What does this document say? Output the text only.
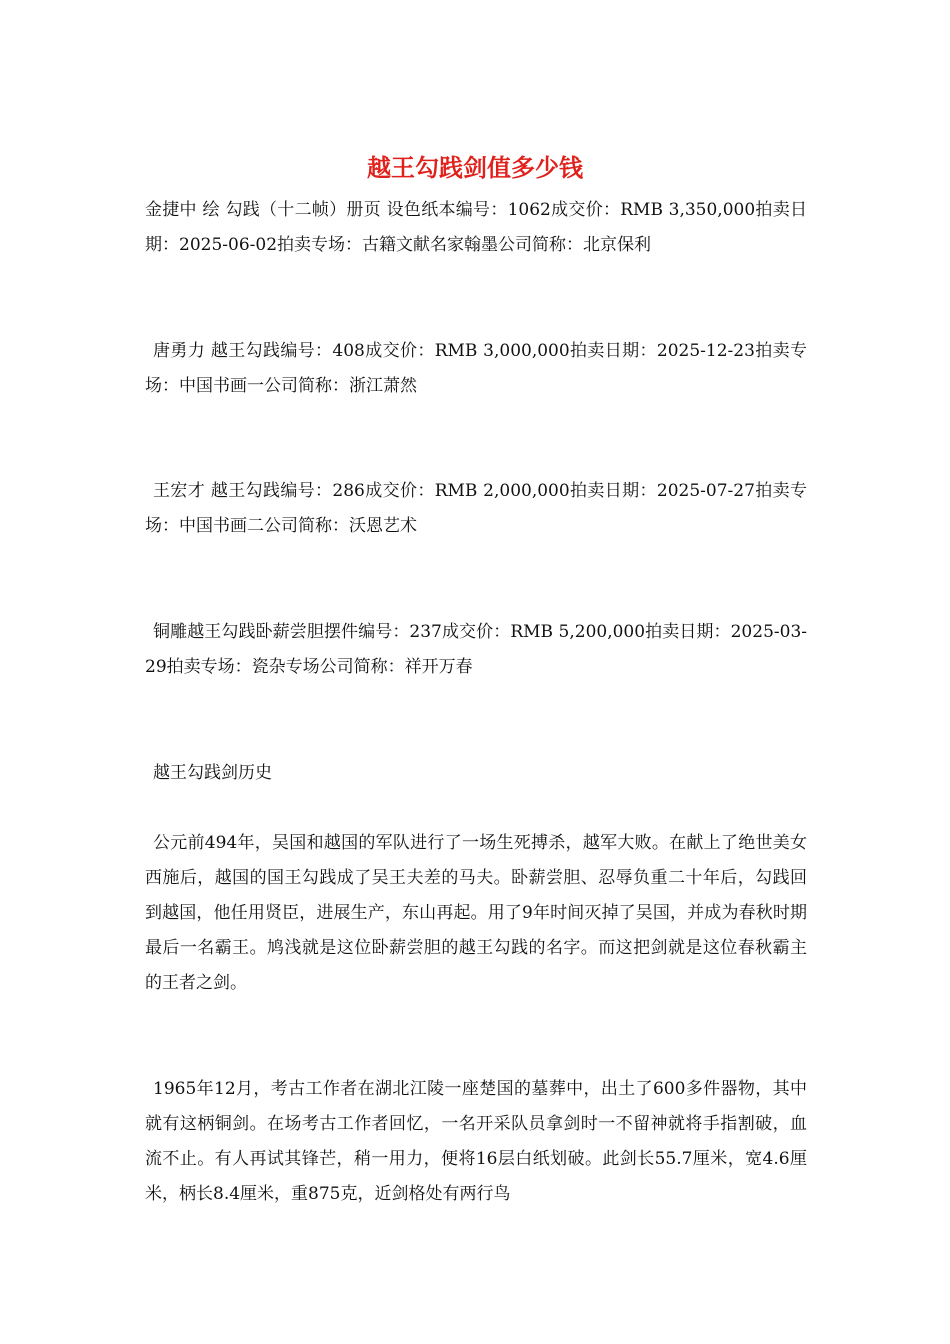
越王勾践剑值多少钱

金捷中 绘 勾践（十二帧）册页 设色纸本编号：1062成交价：RMB 3,350,000拍卖日期：2025-06-02拍卖专场：古籍文献名家翰墨公司简称：北京保利

唐勇力 越王勾践编号：408成交价：RMB 3,000,000拍卖日期：2025-12-23拍卖专场：中国书画一公司简称：浙江萧然

王宏才 越王勾践编号：286成交价：RMB 2,000,000拍卖日期：2025-07-27拍卖专场：中国书画二公司简称：沃恩艺术

铜雕越王勾践卧薪尝胆摆件编号：237成交价：RMB 5,200,000拍卖日期：2025-03-29拍卖专场：瓷杂专场公司简称：祥开万春

越王勾践剑历史

公元前494年，吴国和越国的军队进行了一场生死搏杀，越军大败。在献上了绝世美女西施后，越国的国王勾践成了吴王夫差的马夫。卧薪尝胆、忍辱负重二十年后，勾践回到越国，他任用贤臣，进展生产，东山再起。用了9年时间灭掉了吴国，并成为春秋时期最后一名霸王。鸠浅就是这位卧薪尝胆的越王勾践的名字。而这把剑就是这位春秋霸主的王者之剑。

1965年12月，考古工作者在湖北江陵一座楚国的墓葬中，出土了600多件器物，其中就有这柄铜剑。在场考古工作者回忆，一名开采队员拿剑时一不留神就将手指割破，血流不止。有人再试其锋芒，稍一用力，便将16层白纸划破。此剑长55.7厘米，宽4.6厘米，柄长8.4厘米，重875克，近剑格处有两行鸟
